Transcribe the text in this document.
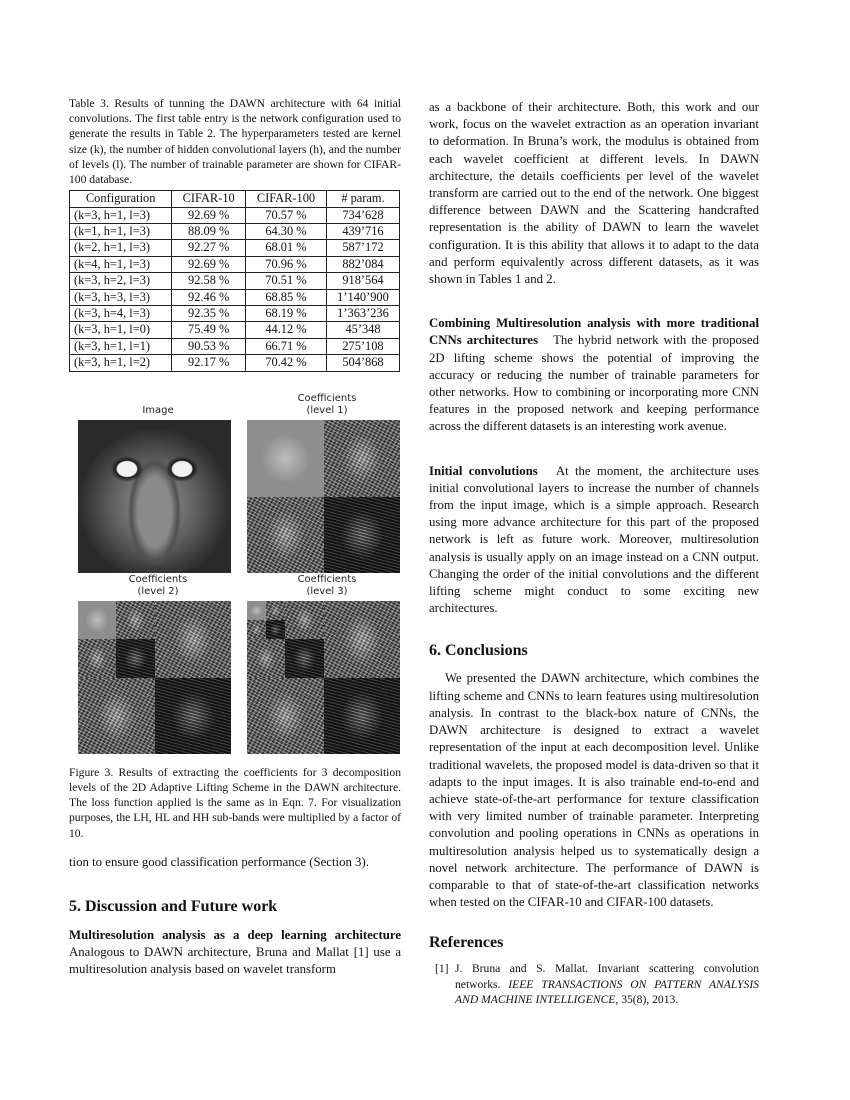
Table 3. Results of tunning the DAWN architecture with 64 initial convolutions. The first table entry is the network configuration used to generate the results in Table 2. The hyperparameters tested are kernel size (k), the number of hidden convolutional layers (h), and the number of levels (l). The number of trainable parameter are shown for CIFAR-100 database.

Configuration	CIFAR-10	CIFAR-100	# param.
(k=3, h=1, l=3)	92.69 %	70.57 %	734’628
(k=1, h=1, l=3)	88.09 %	64.30 %	439’716
(k=2, h=1, l=3)	92.27 %	68.01 %	587’172
(k=4, h=1, l=3)	92.69 %	70.96 %	882’084
(k=3, h=2, l=3)	92.58 %	70.51 %	918’564
(k=3, h=3, l=3)	92.46 %	68.85 %	1’140’900
(k=3, h=4, l=3)	92.35 %	68.19 %	1’363’236
(k=3, h=1, l=0)	75.49 %	44.12 %	45’348
(k=3, h=1, l=1)	90.53 %	66.71 %	275’108
(k=3, h=1, l=2)	92.17 %	70.42 %	504’868
Image
Coefficients
(level 1)
Coefficients
(level 2)
Coefficients
(level 3)

Figure 3. Results of extracting the coefficients for 3 decomposition levels of the 2D Adaptive Lifting Scheme in the DAWN architecture. The loss function applied is the same as in Eqn. 7. For visualization purposes, the LH, HL and HH sub-bands were multiplied by a factor of 10.

tion to ensure good classification performance (Section 3).

5. Discussion and Future work

Multiresolution analysis as a deep learning architecture Analogous to DAWN architecture, Bruna and Mallat [1] use a multiresolution analysis based on wavelet transform

as a backbone of their architecture. Both, this work and our work, focus on the wavelet extraction as an operation invariant to deformation. In Bruna’s work, the modulus is obtained from each wavelet coefficient at different levels. In DAWN architecture, the details coefficients per level of the wavelet transform are carried out to the end of the network. One biggest difference between DAWN and the Scattering handcrafted representation is the ability of DAWN to learn the wavelet configuration. It is this ability that allows it to adapt to the data and perform equivalently across different datasets, as it was shown in Tables 1 and 2.

Combining Multiresolution analysis with more traditional CNNs architectures The hybrid network with the proposed 2D lifting scheme shows the potential of improving the accuracy or reducing the number of trainable parameters for other networks. How to combining or incorporating more CNN features in the proposed network and keeping performance across the different datasets is an interesting work avenue.

Initial convolutions At the moment, the architecture uses initial convolutional layers to increase the number of channels from the input image, which is a simple approach. Research using more advance architecture for this part of the proposed network is left as future work. Moreover, multiresolution analysis is usually apply on an image instead on a CNN output. Changing the order of the initial convolutions and the different lifting scheme might conduct to some exciting new architectures.

6. Conclusions

We presented the DAWN architecture, which combines the lifting scheme and CNNs to learn features using multiresolution analysis. In contrast to the black-box nature of CNNs, the DAWN architecture is designed to extract a wavelet representation of the input at each decomposition level. Unlike traditional wavelets, the proposed model is data-driven so that it adapts to the input images. It is also trainable end-to-end and achieve state-of-the-art performance for texture classification with very limited number of trainable parameter. Interpreting convolution and pooling operations in CNNs as operations in multiresolution analysis helped us to systematically design a novel network architecture. The performance of DAWN is comparable to that of state-of-the-art classification networks when tested on the CIFAR-10 and CIFAR-100 datasets.

References

[1] J. Bruna and S. Mallat. Invariant scattering convolution networks. IEEE TRANSACTIONS ON PATTERN ANALYSIS AND MACHINE INTELLIGENCE, 35(8), 2013.
